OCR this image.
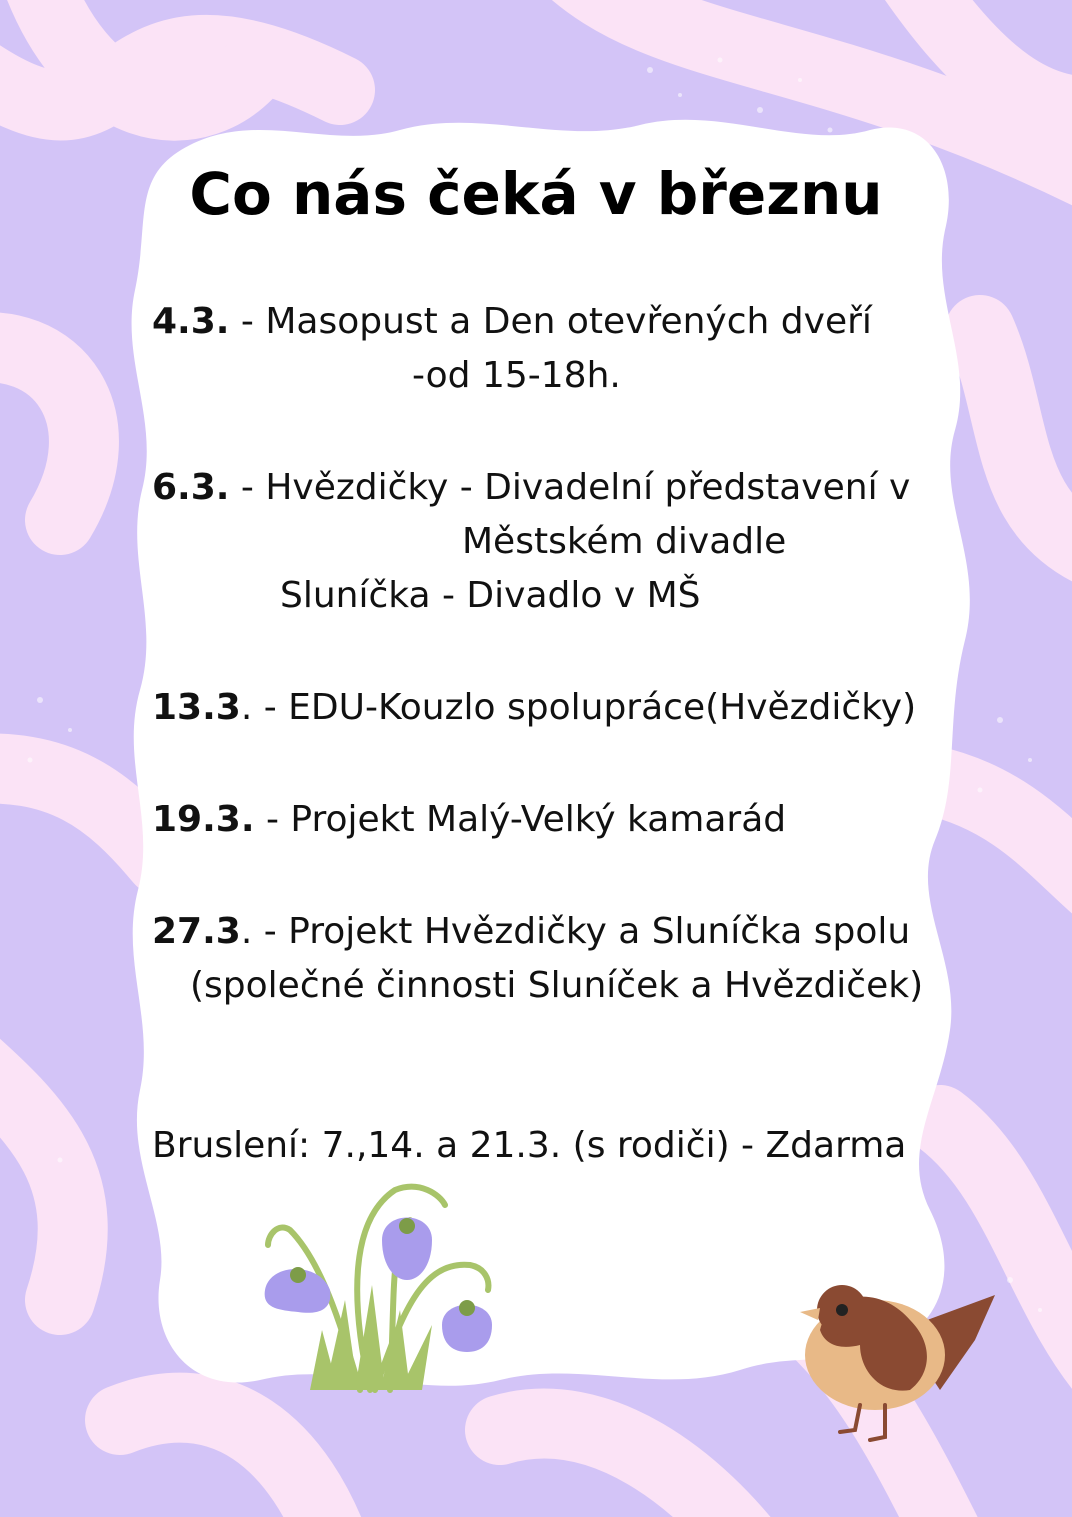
Co nás čeká v březnu
4.3. - Masopust a Den otevřených dveří
-od 15-18h.
6.3. - Hvězdičky - Divadelní představení v
Městském divadle
Sluníčka - Divadlo v MŠ
13.3. - EDU-Kouzlo spolupráce(Hvězdičky)
19.3. - Projekt Malý-Velký kamarád
27.3. - Projekt Hvězdičky a Sluníčka spolu
(společné činnosti Sluníček a Hvězdiček)
Bruslení: 7.,14. a 21.3. (s rodiči) - Zdarma
